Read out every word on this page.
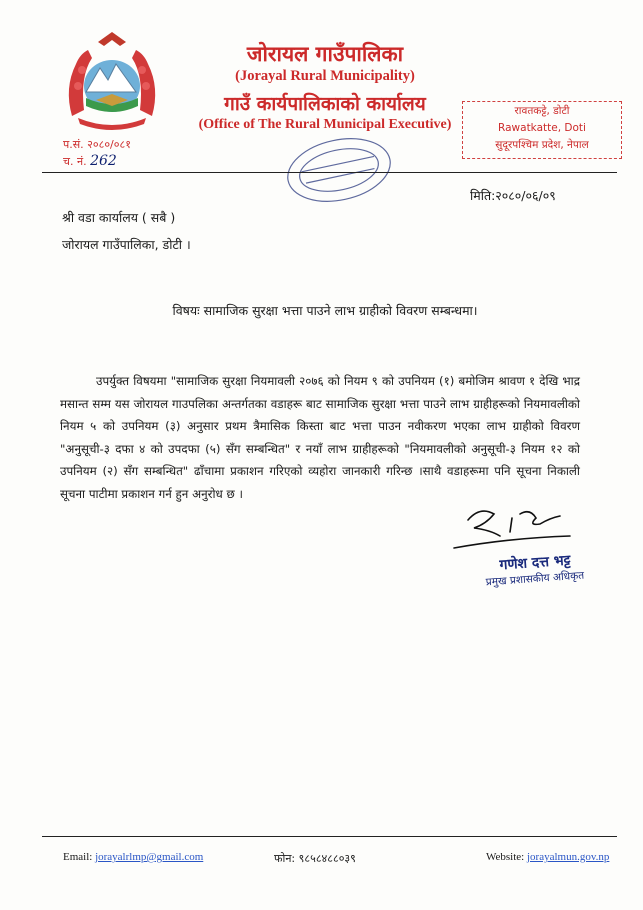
जोरायल गाउँपालिका
(Jorayal Rural Municipality)
गाउँ कार्यपालिकाको कार्यालय
(Office of The Rural Municipal Executive)
रावतकट्टे, डोटी
Rawatkatte, Doti
सुदूरपश्चिम प्रदेश, नेपाल
प.सं. २०८०/०८१
च. नं. 262
मिति:२०८०/०६/०९
श्री वडा कार्यालय ( सबै )
जोरायल गाउँपालिका, डोटी ।
विषयः सामाजिक सुरक्षा भत्ता पाउने लाभ ग्राहीको विवरण सम्बन्धमा।
उपर्युक्त विषयमा "सामाजिक सुरक्षा नियमावली २०७६ को नियम ९ को उपनियम (१) बमोजिम श्रावण १ देखि भाद्र मसान्त सम्म यस जोरायल गाउपलिका अन्तर्गतका वडाहरू बाट सामाजिक सुरक्षा भत्ता पाउने लाभ ग्राहीहरूको नियमावलीको नियम ५ को उपनियम (३) अनुसार प्रथम त्रैमासिक किस्ता बाट भत्ता पाउन नवीकरण भएका लाभ ग्राहीको विवरण "अनुसूची-३ दफा ४ को उपदफा (५) सँग सम्बन्धित" र नयाँ लाभ ग्राहीहरूको "नियमावलीको अनुसूची-३ नियम १२ को उपनियम (२) सँग सम्बन्धित" ढाँचामा प्रकाशन गरिएको व्यहोरा जानकारी गरिन्छ ।साथै वडाहरूमा पनि सूचना निकाली सूचना पाटीमा प्रकाशन गर्न हुन अनुरोध छ ।
गणेश दत्त भट्ट
प्रमुख प्रशासकीय अधिकृत
Email: jorayalrlmp@gmail.com	फोन: ९८५८४८८०३९	Website: jorayalmun.gov.np
